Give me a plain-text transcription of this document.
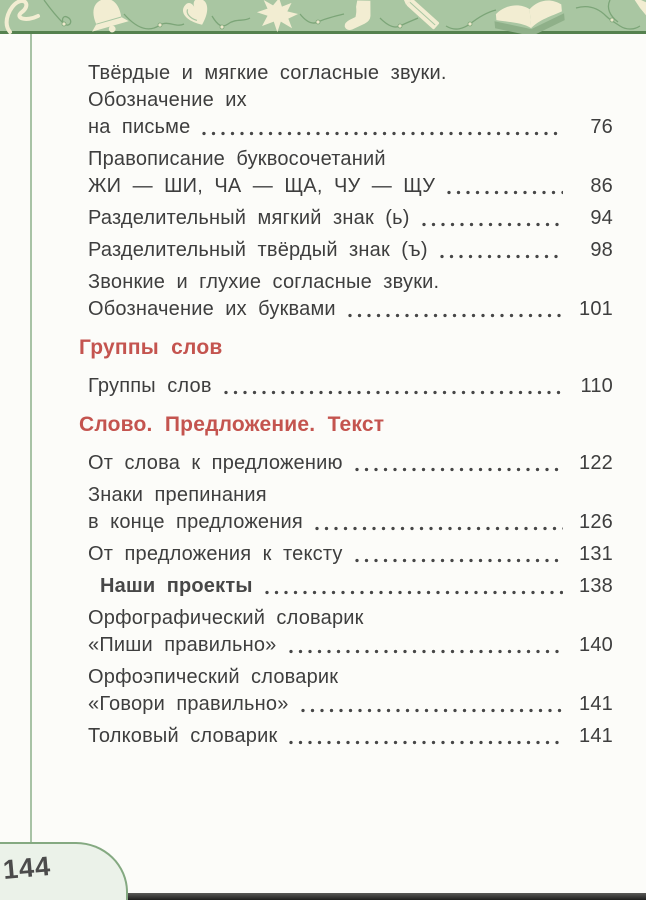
Твёрдые и мягкие согласные звуки.
Обозначение их
на письме	76
Правописание буквосочетаний
ЖИ — ШИ, ЧА — ЩА, ЧУ — ЩУ	86
Разделительный мягкий знак (ь)	94
Разделительный твёрдый знак (ъ)	98
Звонкие и глухие согласные звуки.
Обозначение их буквами	101
Группы слов
Группы слов	110
Слово. Предложение. Текст
От слова к предложению	122
Знаки препинания
в конце предложения	126
От предложения к тексту	131
Наши проекты	138
Орфографический словарик
«Пиши правильно»	140
Орфоэпический словарик
«Говори правильно»	141
Толковый словарик	141
144
